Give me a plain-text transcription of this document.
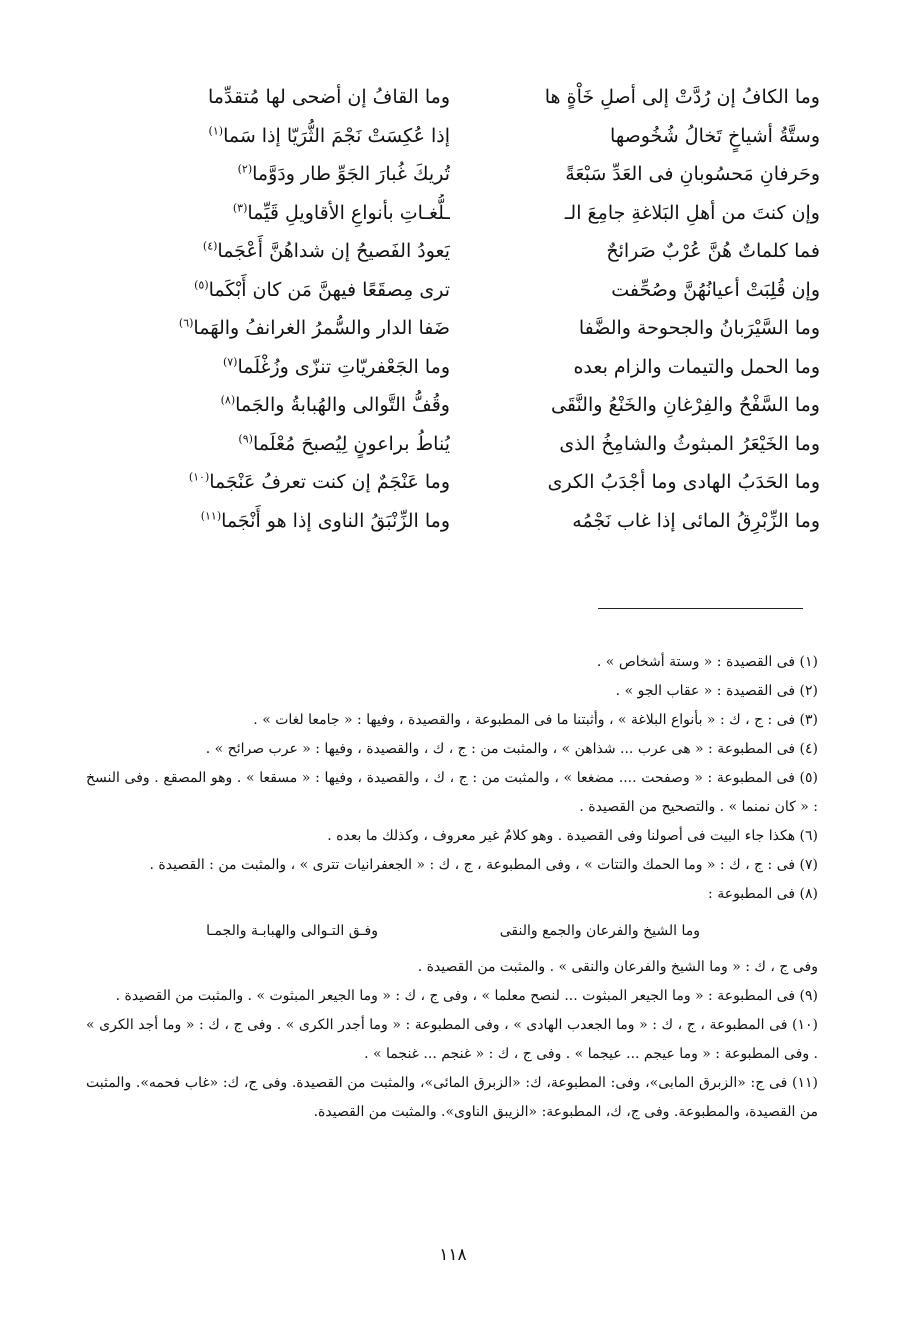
وما الكافُ إن رُدَّتْ إلى أصلِ خَاْةٍ ها
وستَّةُ أشياخٍ تَخالُ شُخُوصها
وحَرفانِ مَحسُوبانِ فى العَدِّ سَبْعَةً
وإن كنتَ من أهلِ البَلاغةِ جامِعَ الـ
فما كلماتٌ هُنَّ عُرْبٌ صَرائحٌ
وإن قُلِبَتْ أعيانُهُنَّ وصُحِّفت
وما السَّيْرَبانُ والجحوحة والضَّفا
وما الحمل والتيمات والزام بعده
وما السَّفْحُ والفِرْغانِ والخَنْعُ والنَّقَى
وما الخَيْعَرُ المبثوثُ والشامِخُ الذى
وما الحَدَبُ الهادى وما أجْدَبُ الكرى
وما الزِّبْرِقُ المائى إذا غاب نَجْمُه
وما القافُ إن أضحى لها مُتقدِّما
إذا عُكِسَتْ نَجْمَ الثُّرَيّا إذا سَما$^{(١)}$
تُريكَ غُبارَ الجَوِّ طار ودَوَّما$^{(٢)}$
ـلُّغـاتِ بأنواعِ الأقاويلِ قَيِّما$^{(٣)}$
يَعودُ الفَصيحُ إن شداهُنَّ أَعْجَما$^{(٤)}$
ترى مِصقَعًا فيهنَّ مَن كان أَبْكَما$^{(٥)}$
ضَفا الدار والسُّمرُ الغرانفُ والهَما$^{(٦)}$
وما الجَعْفريّاتِ تنزّى وزُغْلَما$^{(٧)}$
وقُفُّ التَّوالى والهُبابةُ والجَما$^{(٨)}$
يُناطُ براعونٍ لِيُصبحَ مُعْلَما$^{(٩)}$
وما عَنْجَمٌ إن كنت تعرفُ عَنْجَما$^{(١٠)}$
وما الزِّنْبَقُ الناوى إذا هو أَنْجَما$^{(١١)}$

(١) فى القصيدة : « وستة أشخاص » .

(٢) فى القصيدة : « عقاب الجو » .

(٣) فى : ج ، ك : « بأنواع البلاغة » ، وأثبتنا ما فى المطبوعة ، والقصيدة ، وفيها : « جامعا لغات » .

(٤) فى المطبوعة : « هى عرب ... شذاهن » ، والمثبت من : ج ، ك ، والقصيدة ، وفيها : « عرب صرائح » .

(٥) فى المطبوعة : « وصفحت .... مضغعا » ، والمثبت من : ج ، ك ، والقصيدة ، وفيها : « مسقعا » . وهو المصقع . وفى النسخ : « كان نمنما » . والتصحيح من القصيدة .

(٦) هكذا جاء البيت فى أصولنا وفى القصيدة . وهو كلامٌ غير معروف ، وكذلك ما بعده .

(٧) فى : ج ، ك : « وما الحمك والتتات » ، وفى المطبوعة ، ج ، ك : « الجعفرانيات تترى » ، والمثبت من : القصيدة .

(٨) فى المطبوعة :

وما الشيخ والفرعان والجمع والنقى
وفـق التـوالى والهبابـة والجمـا

وفى ج ، ك : « وما الشيخ والفرعان والنقى » . والمثبت من القصيدة .

(٩) فى المطبوعة : « وما الجيعر المبثوت ... لنصح معلما » ، وفى ج ، ك : « وما الجيعر المبثوت » . والمثبت من القصيدة .

(١٠) فى المطبوعة ، ج ، ك : « وما الجعدب الهادى » ، وفى المطبوعة : « وما أجدر الكرى » . وفى ج ، ك : « وما أجد الكرى » . وفى المطبوعة : « وما عيجم ... عيجما » . وفى ج ، ك : « غنجم ... غنجما » .

(١١) فى ج: «الزبرق المابى»، وفى: المطبوعة، ك: «الزبرق المائى»، والمثبت من القصيدة. وفى ج، ك: «غاب فحمه». والمثبت من القصيدة، والمطبوعة. وفى ج، ك، المطبوعة: «الزيبق الناوى». والمثبت من القصيدة.

١١٨
